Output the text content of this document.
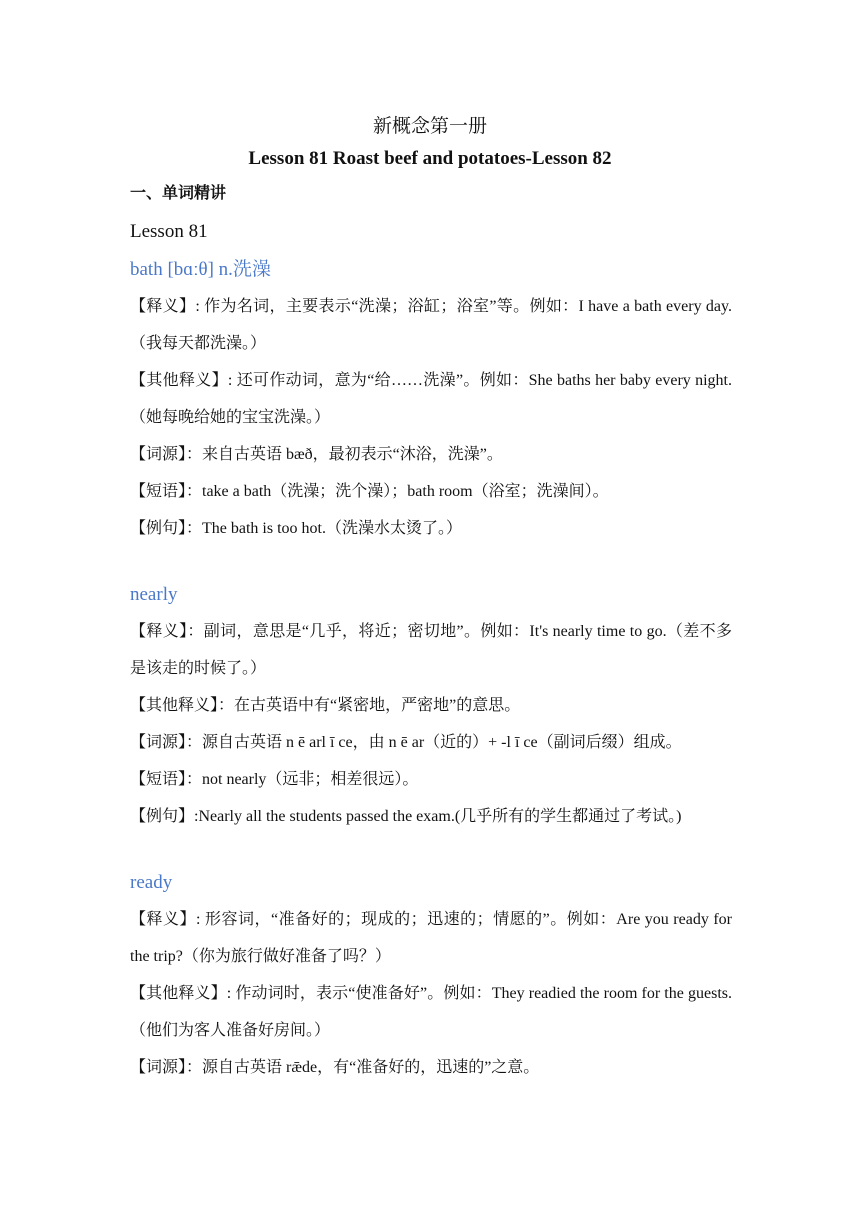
新概念第一册
Lesson 81 Roast beef and potatoes-Lesson 82
一、单词精讲
Lesson 81
bath [bɑːθ] n.洗澡

【释义】: 作为名词，主要表示“洗澡；浴缸；浴室”等。例如：I have a bath every day.（我每天都洗澡。）

【其他释义】: 还可作动词，意为“给……洗澡”。例如：She baths her baby every night.（她每晚给她的宝宝洗澡。）

【词源】：来自古英语 bæð，最初表示“沐浴，洗澡”。

【短语】：take a bath（洗澡；洗个澡）；bath room（浴室；洗澡间）。

【例句】：The bath is too hot.（洗澡水太烫了。）

nearly

【释义】：副词，意思是“几乎，将近；密切地”。例如：It's nearly time to go.（差不多是该走的时候了。）

【其他释义】：在古英语中有“紧密地，严密地”的意思。

【词源】：源自古英语 n ē arl ī ce，由 n ē ar（近的）+ -l ī ce（副词后缀）组成。

【短语】：not nearly（远非；相差很远）。

【例句】:Nearly all the students passed the exam.(几乎所有的学生都通过了考试。)

ready

【释义】: 形容词，“准备好的；现成的；迅速的；情愿的”。例如：Are you ready for the trip?（你为旅行做好准备了吗？）

【其他释义】: 作动词时，表示“使准备好”。例如：They readied the room for the guests.（他们为客人准备好房间。）

【词源】：源自古英语 rǣde，有“准备好的，迅速的”之意。
